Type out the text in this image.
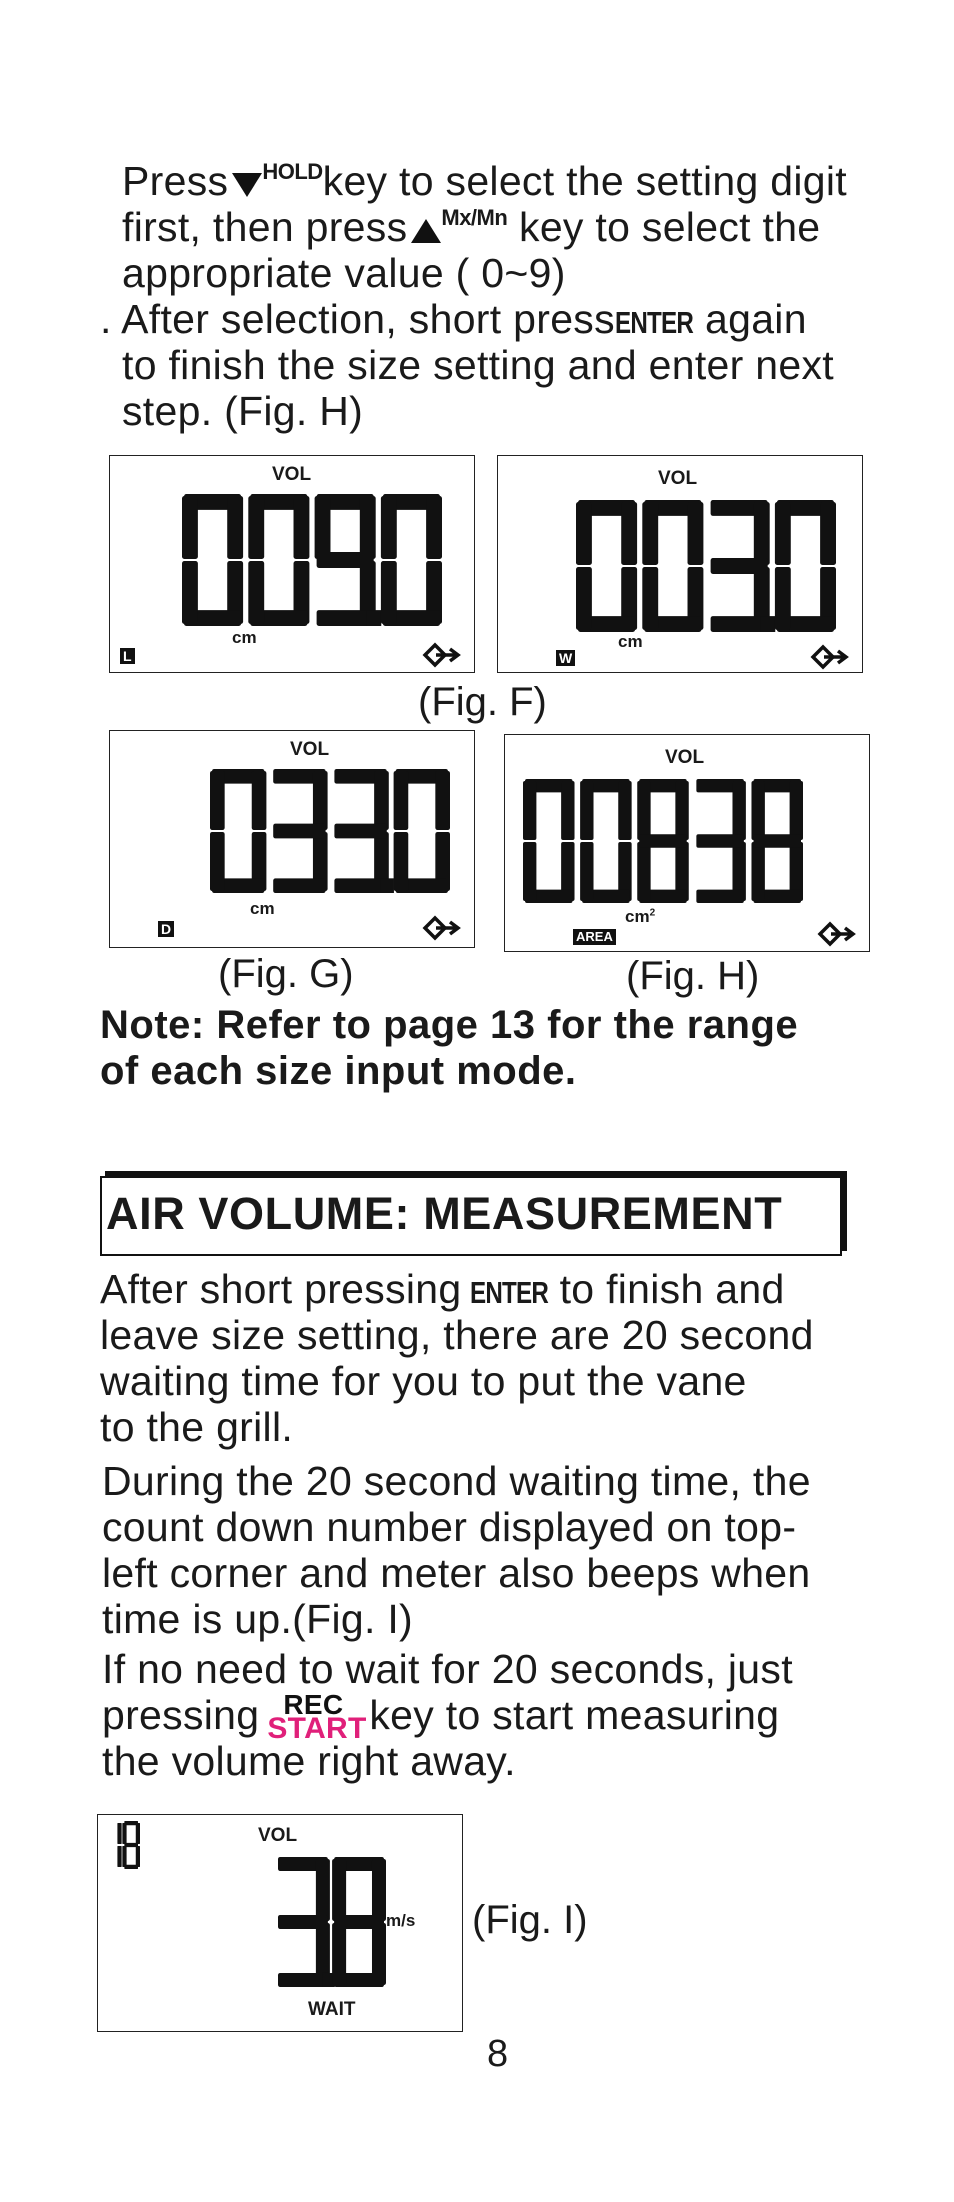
Press $^{HOLD}$key to select the setting digit
first, then press $^{Mx/Mn}$ key to select the
appropriate value ( 0~9)
. After selection, short pressENTER again
to finish the size setting and enter next
step. (Fig. H)
VOL
cm
L
VOL
cm
W
(Fig. F)
VOL
cm
D
VOL
$cm^2$
AREA
(Fig. G)	(Fig. H)
Note: Refer to page 13 for the range
of each size input mode.
AIR VOLUME: MEASUREMENT
After short pressing ENTER to finish and
leave size setting, there are 20 second
waiting time for you to put the vane
to the grill.
During the 20 second waiting time, the
count down number displayed on top-
left corner and meter also beeps when
time is up.(Fig. I)
If no need to wait for 20 seconds, just
pressing REC
START key to start measuring
the volume right away.
VOL
m/s
WAIT
(Fig. I)
8
